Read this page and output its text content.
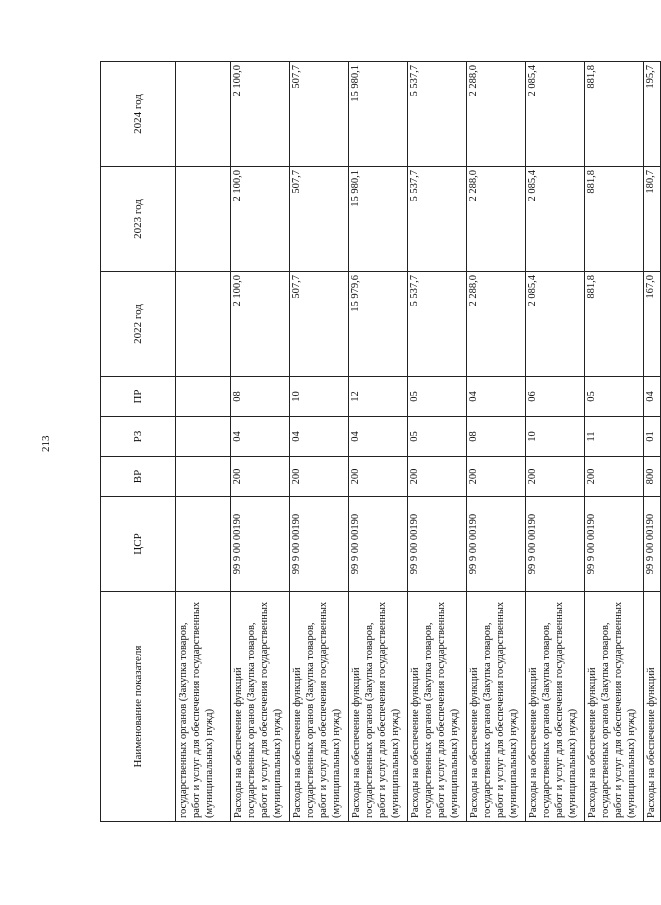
213
Наименование показателя	ЦСР	ВР	РЗ	ПР	2022 год	2023 год	2024 год
государственных органов (Закупка товаров, работ и услуг для обеспечения государственных (муниципальных) нужд)							
Расходы на обеспечение функций государственных органов (Закупка товаров, работ и услуг для обеспечения государственных (муниципальных) нужд)	99 9 00 00190	200	04	08	2 100,0	2 100,0	2 100,0
Расходы на обеспечение функций государственных органов (Закупка товаров, работ и услуг для обеспечения государственных (муниципальных) нужд)	99 9 00 00190	200	04	10	507,7	507,7	507,7
Расходы на обеспечение функций государственных органов (Закупка товаров, работ и услуг для обеспечения государственных (муниципальных) нужд)	99 9 00 00190	200	04	12	15 979,6	15 980,1	15 980,1
Расходы на обеспечение функций государственных органов (Закупка товаров, работ и услуг для обеспечения государственных (муниципальных) нужд)	99 9 00 00190	200	05	05	5 537,7	5 537,7	5 537,7
Расходы на обеспечение функций государственных органов (Закупка товаров, работ и услуг для обеспечения государственных (муниципальных) нужд)	99 9 00 00190	200	08	04	2 288,0	2 288,0	2 288,0
Расходы на обеспечение функций государственных органов (Закупка товаров, работ и услуг для обеспечения государственных (муниципальных) нужд)	99 9 00 00190	200	10	06	2 085,4	2 085,4	2 085,4
Расходы на обеспечение функций государственных органов (Закупка товаров, работ и услуг для обеспечения государственных (муниципальных) нужд)	99 9 00 00190	200	11	05	881,8	881,8	881,8
Расходы на обеспечение функций	99 9 00 00190	800	01	04	167,0	180,7	195,7
